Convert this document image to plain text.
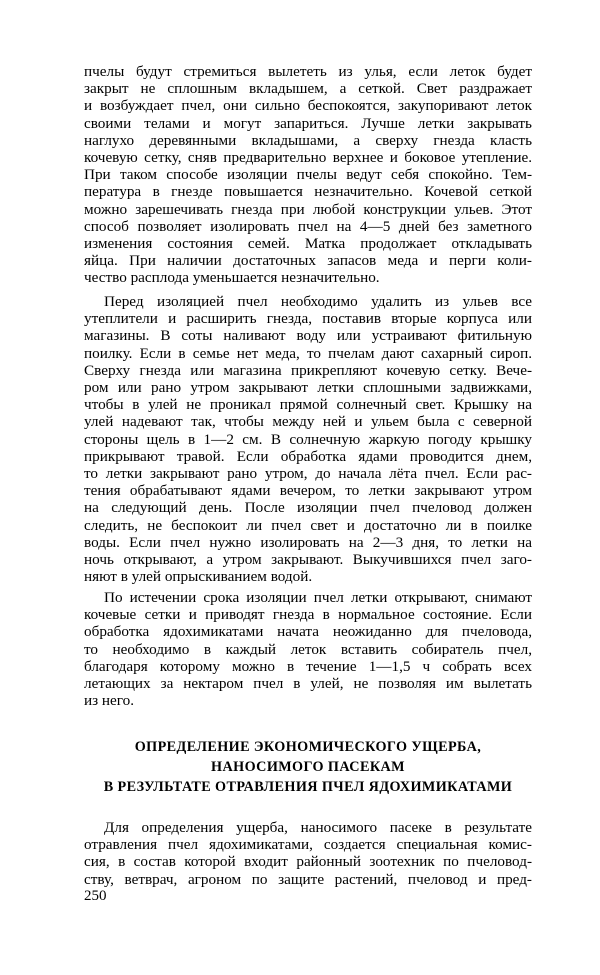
пчелы будут стремиться вылететь из улья, если леток будет
закрыт не сплошным вкладышем, а сеткой. Свет раздражает
и возбуждает пчел, они сильно беспокоятся, закупоривают леток
своими телами и могут запариться. Лучше летки закрывать
наглухо деревянными вкладышами, а сверху гнезда класть
кочевую сетку, сняв предварительно верхнее и боковое утепление.
При таком способе изоляции пчелы ведут себя спокойно. Тем-
пература в гнезде повышается незначительно. Кочевой сеткой
можно зарешечивать гнезда при любой конструкции ульев. Этот
способ позволяет изолировать пчел на 4—5 дней без заметного
изменения состояния семей. Матка продолжает откладывать
яйца. При наличии достаточных запасов меда и перги коли-
чество расплода уменьшается незначительно.
Перед изоляцией пчел необходимо удалить из ульев все
утеплители и расширить гнезда, поставив вторые корпуса или
магазины. В соты наливают воду или устраивают фитильную
поилку. Если в семье нет меда, то пчелам дают сахарный сироп.
Сверху гнезда или магазина прикрепляют кочевую сетку. Вече-
ром или рано утром закрывают летки сплошными задвижками,
чтобы в улей не проникал прямой солнечный свет. Крышку на
улей надевают так, чтобы между ней и ульем была с северной
стороны щель в 1—2 см. В солнечную жаркую погоду крышку
прикрывают травой. Если обработка ядами проводится днем,
то летки закрывают рано утром, до начала лёта пчел. Если рас-
тения обрабатывают ядами вечером, то летки закрывают утром
на следующий день. После изоляции пчел пчеловод должен
следить, не беспокоит ли пчел свет и достаточно ли в поилке
воды. Если пчел нужно изолировать на 2—3 дня, то летки на
ночь открывают, а утром закрывают. Выкучившихся пчел заго-
няют в улей опрыскиванием водой.
По истечении срока изоляции пчел летки открывают, снимают
кочевые сетки и приводят гнезда в нормальное состояние. Если
обработка ядохимикатами начата неожиданно для пчеловода,
то необходимо в каждый леток вставить собиратель пчел,
благодаря которому можно в течение 1—1,5 ч собрать всех
летающих за нектаром пчел в улей, не позволяя им вылетать
из него.
ОПРЕДЕЛЕНИЕ ЭКОНОМИЧЕСКОГО УЩЕРБА,
НАНОСИМОГО ПАСЕКАМ
В РЕЗУЛЬТАТЕ ОТРАВЛЕНИЯ ПЧЕЛ ЯДОХИМИКАТАМИ
Для определения ущерба, наносимого пасеке в результате
отравления пчел ядохимикатами, создается специальная комис-
сия, в состав которой входит районный зоотехник по пчеловод-
ству, ветврач, агроном по защите растений, пчеловод и пред-
250
